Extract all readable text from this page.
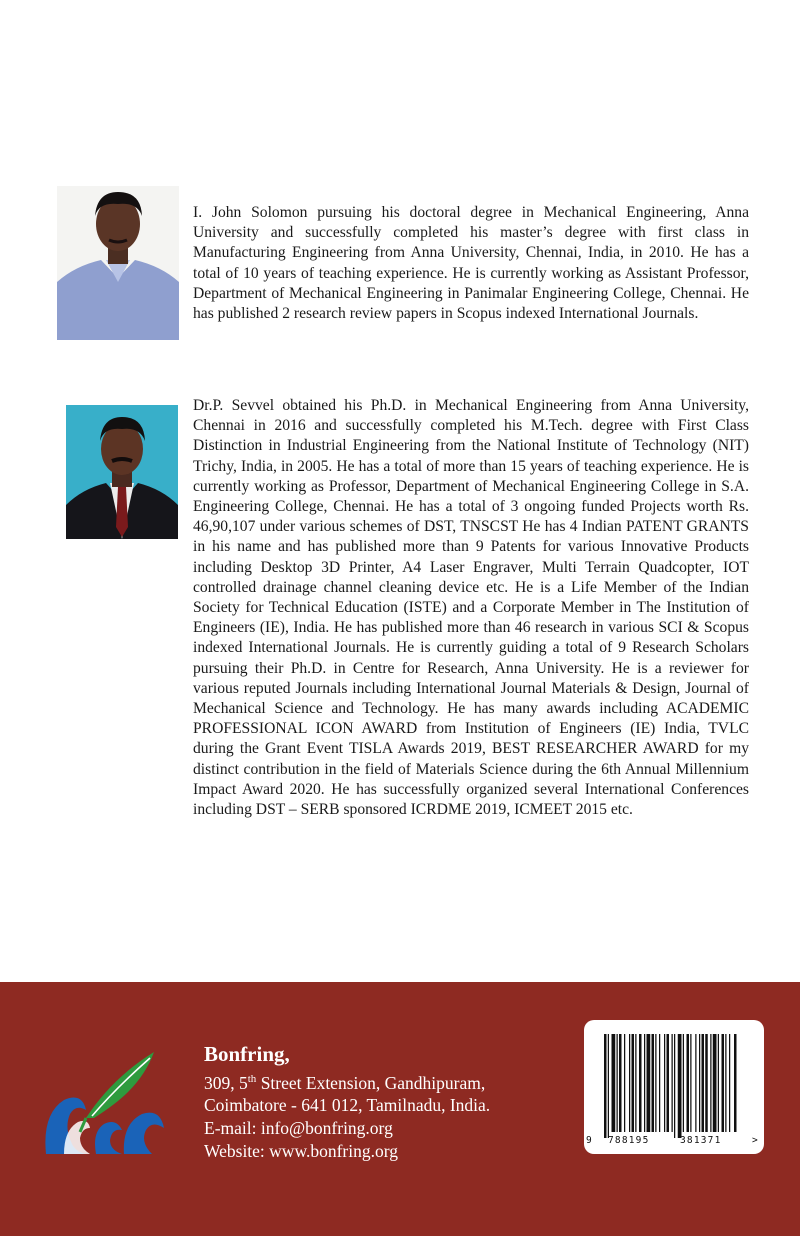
I. John Solomon pursuing his doctoral degree in Mechanical Engineering, Anna University and successfully completed his master’s degree with first class in Manufacturing Engineering from Anna University, Chennai, India, in 2010. He has a total of 10 years of teaching experience. He is currently working as Assistant Professor, Department of Mechanical Engineering in Panimalar Engineering College, Chennai. He has published 2 research review papers in Scopus indexed International Journals.

Dr.P. Sevvel obtained his Ph.D. in Mechanical Engineering from Anna University, Chennai in 2016 and successfully completed his M.Tech. degree with First Class Distinction in Industrial Engineering from the National Institute of Technology (NIT) Trichy, India, in 2005. He has a total of more than 15 years of teaching experience. He is currently working as Professor, Department of Mechanical Engineering College in S.A. Engineering College, Chennai. He has a total of 3 ongoing funded Projects worth Rs. 46,90,107 under various schemes of DST, TNSCST He has 4 Indian PATENT GRANTS in his name and has published more than 9 Patents for various Innovative Products including Desktop 3D Printer, A4 Laser Engraver, Multi Terrain Quadcopter, IOT controlled drainage channel cleaning device etc. He is a Life Member of the Indian Society for Technical Education (ISTE) and a Corporate Member in The Institution of Engineers (IE), India. He has published more than 46 research in various SCI & Scopus indexed International Journals. He is currently guiding a total of 9 Research Scholars pursuing their Ph.D. in Centre for Research, Anna University. He is a reviewer for various reputed Journals including International Journal Materials & Design, Journal of Mechanical Science and Technology. He has many awards including ACADEMIC PROFESSIONAL ICON AWARD from Institution of Engineers (IE) India, TVLC during the Grant Event TISLA Awards 2019, BEST RESEARCHER AWARD for my distinct contribution in the field of Materials Science during the 6th Annual Millennium Impact Award 2020. He has successfully organized several International Conferences including DST – SERB sponsored ICRDME 2019, ICMEET 2015 etc.

Bonfring,
309, 5th Street Extension, Gandhipuram,
Coimbatore - 641 012, Tamilnadu, India.
E-mail: info@bonfring.org
Website: www.bonfring.org
9 788195	381371	>
